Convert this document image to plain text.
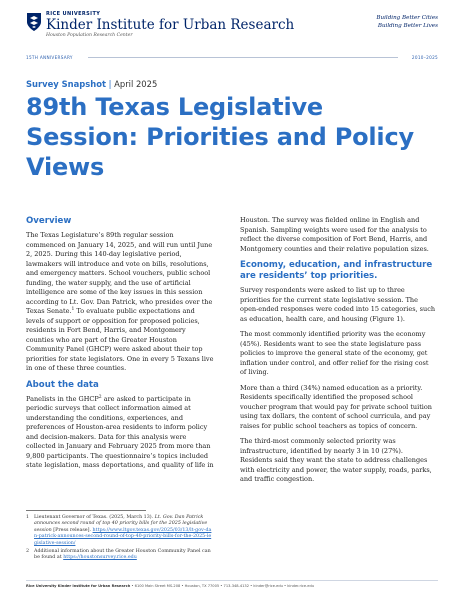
RICE UNIVERSITY
Kinder Institute for Urban Research
Houston Population Research Center
Building Better Cities
Building Better Lives
15TH ANNIVERSARY	2010–2025
Survey Snapshot | April 2025
89th Texas Legislative Session: Priorities and Policy Views
Overview

The Texas Legislature’s 89th regular session commenced on January 14, 2025, and will run until June 2, 2025. During this 140-day legislative period, lawmakers will introduce and vote on bills, resolutions, and emergency matters. School vouchers, public school funding, the water supply, and the use of artificial intelligence are some of the key issues in this session according to Lt. Gov. Dan Patrick, who presides over the Texas Senate.$^1$ To evaluate public expectations and levels of support or opposition for proposed policies, residents in Fort Bend, Harris, and Montgomery counties who are part of the Greater Houston Community Panel (GHCP) were asked about their top priorities for state legislators. One in every 5 Texans live in one of these three counties.

About the data

Panelists in the GHCP$^2$ are asked to participate in periodic surveys that collect information aimed at understanding the conditions, experiences, and preferences of Houston-area residents to inform policy and decision-makers. Data for this analysis were collected in January and February 2025 from more than 9,800 participants. The questionnaire’s topics included state legislation, mass deportations, and quality of life in

Houston. The survey was fielded online in English and Spanish. Sampling weights were used for the analysis to reflect the diverse composition of Fort Bend, Harris, and Montgomery counties and their relative population sizes.

Economy, education, and infrastructure are residents’ top priorities.

Survey respondents were asked to list up to three priorities for the current state legislative session. The open-ended responses were coded into 15 categories, such as education, health care, and housing (Figure 1).

The most commonly identified priority was the economy (45%). Residents want to see the state legislature pass policies to improve the general state of the economy, get inflation under control, and offer relief for the rising cost of living.

More than a third (34%) named education as a priority. Residents specifically identified the proposed school voucher program that would pay for private school tuition using tax dollars, the content of school curricula, and pay raises for public school teachers as topics of concern.

The third-most commonly selected priority was infrastructure, identified by nearly 3 in 10 (27%). Residents said they want the state to address challenges with electricity and power, the water supply, roads, parks, and traffic congestion.

1	Lieutenant Governor of Texas. (2025, March 13). Lt. Gov. Dan Patrick announces second round of top 40 priority bills for the 2025 legislative session [Press release]. https://www.ltgov.texas.gov/2025/03/13/lt-gov-dan-patrick-announces-second-round-of-top-40-priority-bills-for-the-2025-legislative-session/
2	Additional information about the Greater Houston Community Panel can be found at https://houstonsurvey.rice.edu
Rice University Kinder Institute for Urban Research • 6100 Main Street MS-208 • Houston, TX 77005 • 713-348-4132 • kinder@rice.edu • kinder.rice.edu
